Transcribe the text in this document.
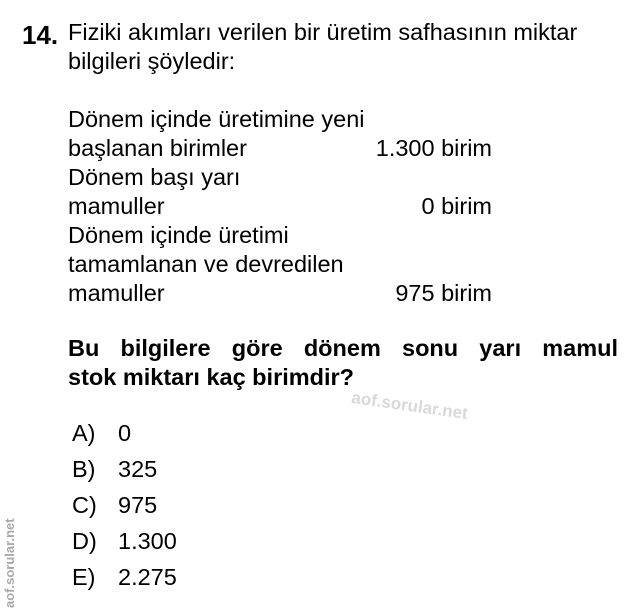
14. Fiziki akımları verilen bir üretim safhasının miktar
bilgileri şöyledir:
Dönem içinde üretimine yeni
başlanan birimler	1.300 birim
Dönem başı yarı
mamuller	0 birim
Dönem içinde üretimi
tamamlanan ve devredilen
mamuller	975 birim
Bu bilgilere göre dönem sonu yarı mamul
stok miktarı kaç birimdir?
aof.sorular.net
A) 0
B) 325
C) 975
D) 1.300
E) 2.275
aof.sorular.net
